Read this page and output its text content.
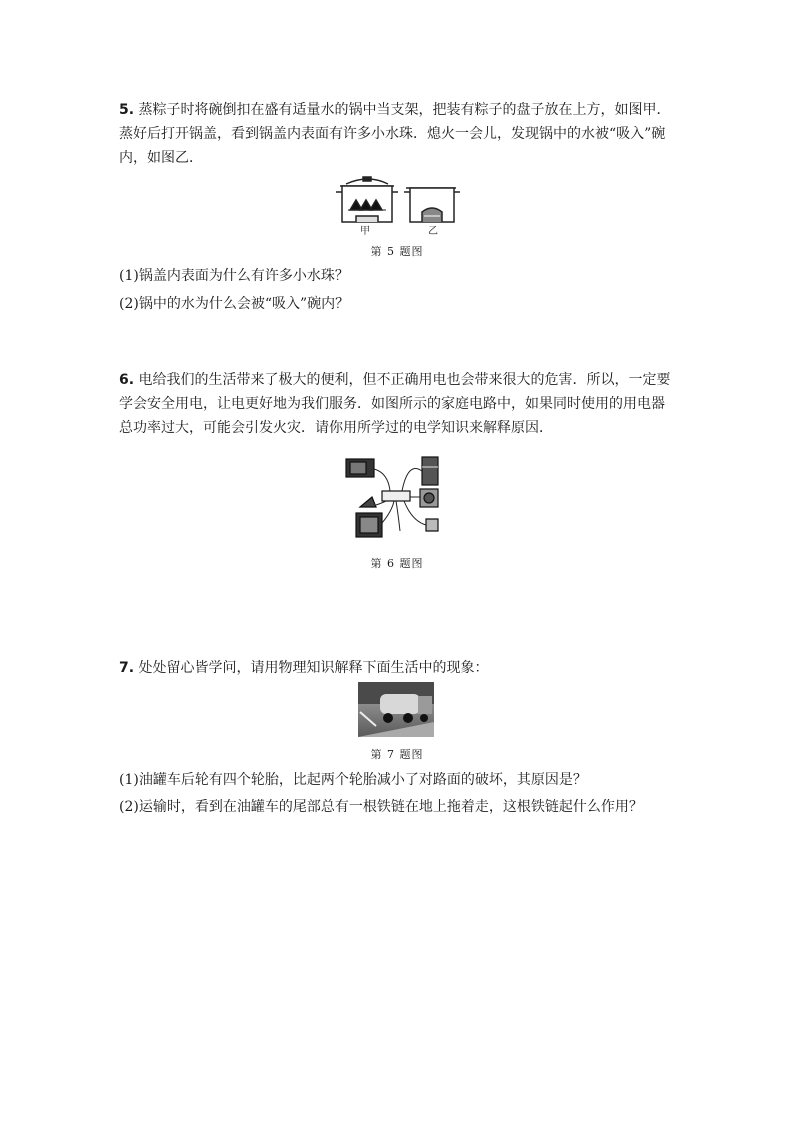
5. 蒸粽子时将碗倒扣在盛有适量水的锅中当支架，把装有粽子的盘子放在上方，如图甲．蒸好后打开锅盖，看到锅盖内表面有许多小水珠．熄火一会儿，发现锅中的水被“吸入”碗内，如图乙．
甲	乙
第 5 题图
(1)锅盖内表面为什么有许多小水珠？
(2)锅中的水为什么会被“吸入”碗内？
6. 电给我们的生活带来了极大的便利，但不正确用电也会带来很大的危害．所以，一定要学会安全用电，让电更好地为我们服务．如图所示的家庭电路中，如果同时使用的用电器总功率过大，可能会引发火灾．请你用所学过的电学知识来解释原因．
第 6 题图
7. 处处留心皆学问，请用物理知识解释下面生活中的现象：
第 7 题图
(1)油罐车后轮有四个轮胎，比起两个轮胎减小了对路面的破坏，其原因是？
(2)运输时，看到在油罐车的尾部总有一根铁链在地上拖着走，这根铁链起什么作用？
